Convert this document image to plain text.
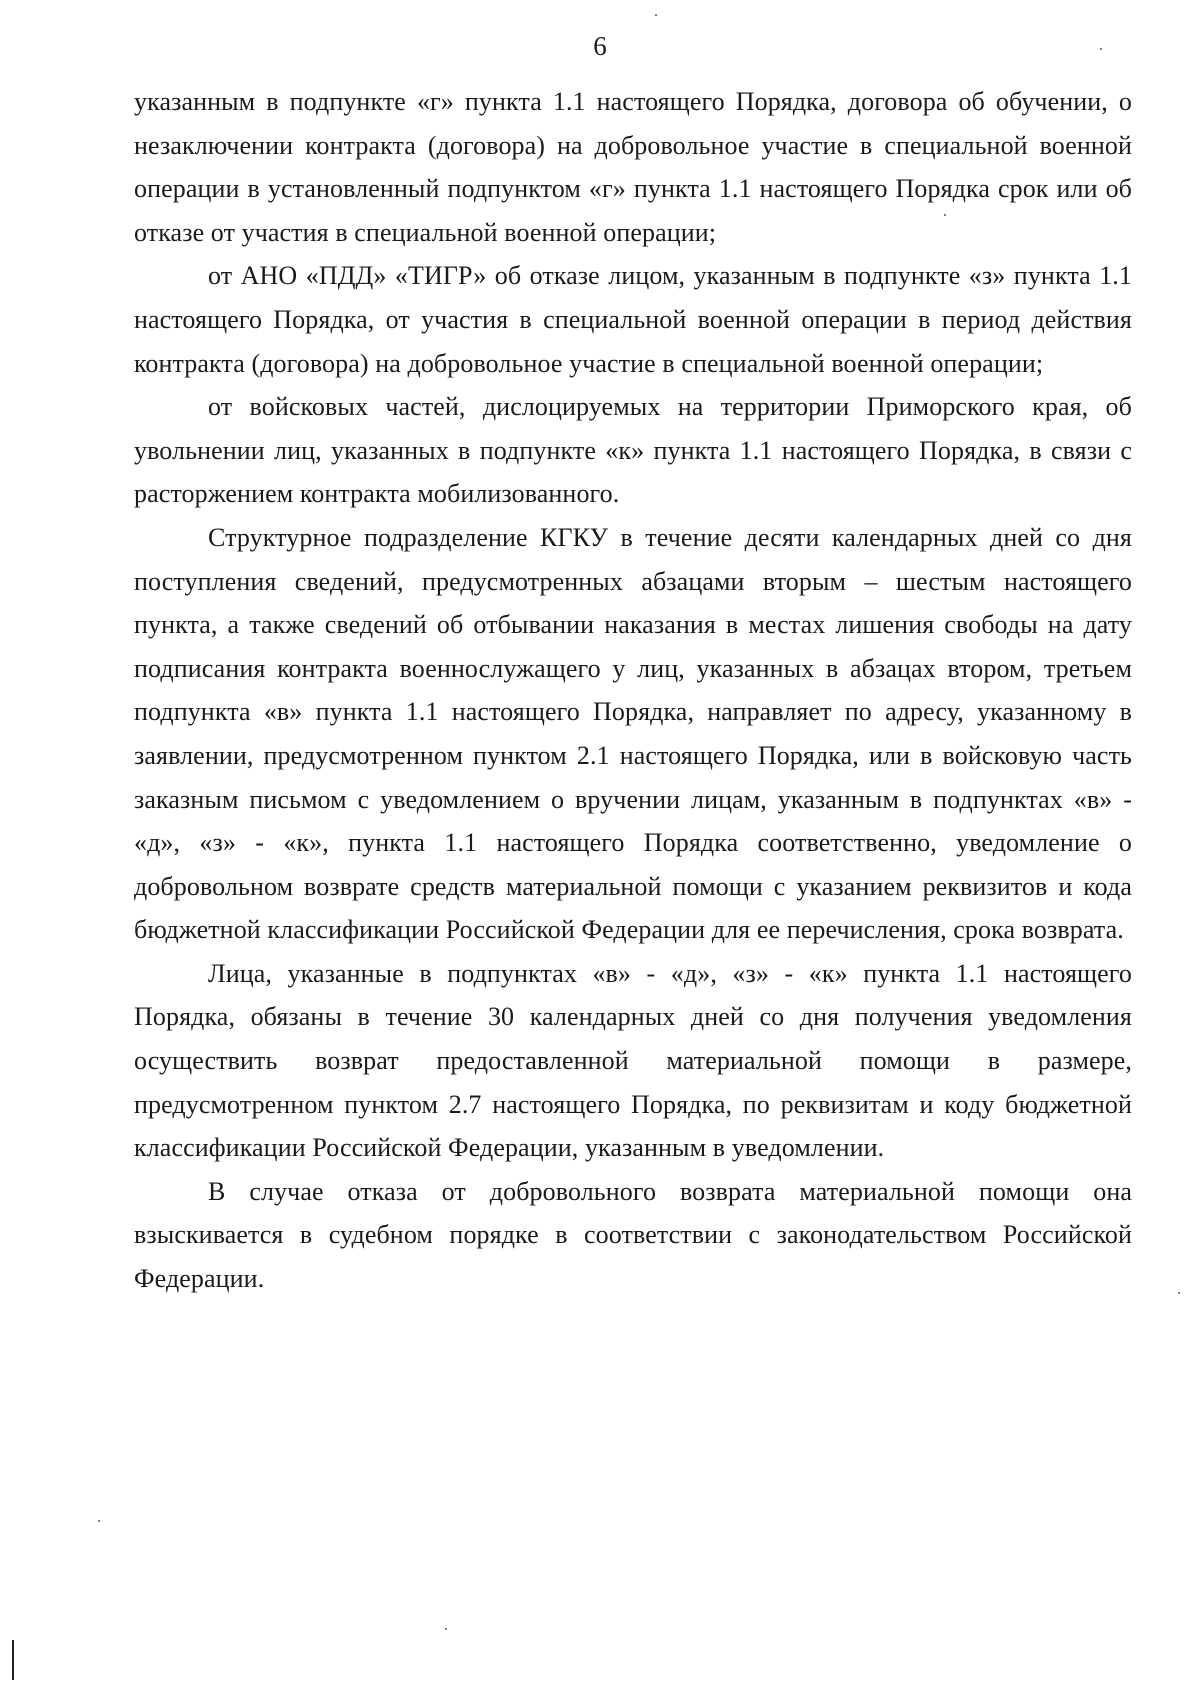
6

указанным в подпункте «г» пункта 1.1 настоящего Порядка, договора об обучении, о незаключении контракта (договора) на добровольное участие в специальной военной операции в установленный подпунктом «г» пункта 1.1 настоящего Порядка срок или об отказе от участия в специальной военной операции;

от АНО «ПДД» «ТИГР» об отказе лицом, указанным в подпункте «з» пункта 1.1 настоящего Порядка, от участия в специальной военной операции в период действия контракта (договора) на добровольное участие в специальной военной операции;

от войсковых частей, дислоцируемых на территории Приморского края, об увольнении лиц, указанных в подпункте «к» пункта 1.1 настоящего Порядка, в связи с расторжением контракта мобилизованного.

Структурное подразделение КГКУ в течение десяти календарных дней со дня поступления сведений, предусмотренных абзацами вторым – шестым настоящего пункта, а также сведений об отбывании наказания в местах лишения свободы на дату подписания контракта военнослужащего у лиц, указанных в абзацах втором, третьем подпункта «в» пункта 1.1 настоящего Порядка, направляет по адресу, указанному в заявлении, предусмотренном пунктом 2.1 настоящего Порядка, или в войсковую часть заказным письмом с уведомлением о вручении лицам, указанным в подпунктах «в» - «д», «з» - «к», пункта 1.1 настоящего Порядка соответственно, уведомление о добровольном возврате средств материальной помощи с указанием реквизитов и кода бюджетной классификации Российской Федерации для ее перечисления, срока возврата.

Лица, указанные в подпунктах «в» - «д», «з» - «к» пункта 1.1 настоящего Порядка, обязаны в течение 30 календарных дней со дня получения уведомления осуществить возврат предоставленной материальной помощи в размере, предусмотренном пунктом 2.7 настоящего Порядка, по реквизитам и коду бюджетной классификации Российской Федерации, указанным в уведомлении.

В случае отказа от добровольного возврата материальной помощи она взыскивается в судебном порядке в соответствии с законодательством Российской Федерации.
